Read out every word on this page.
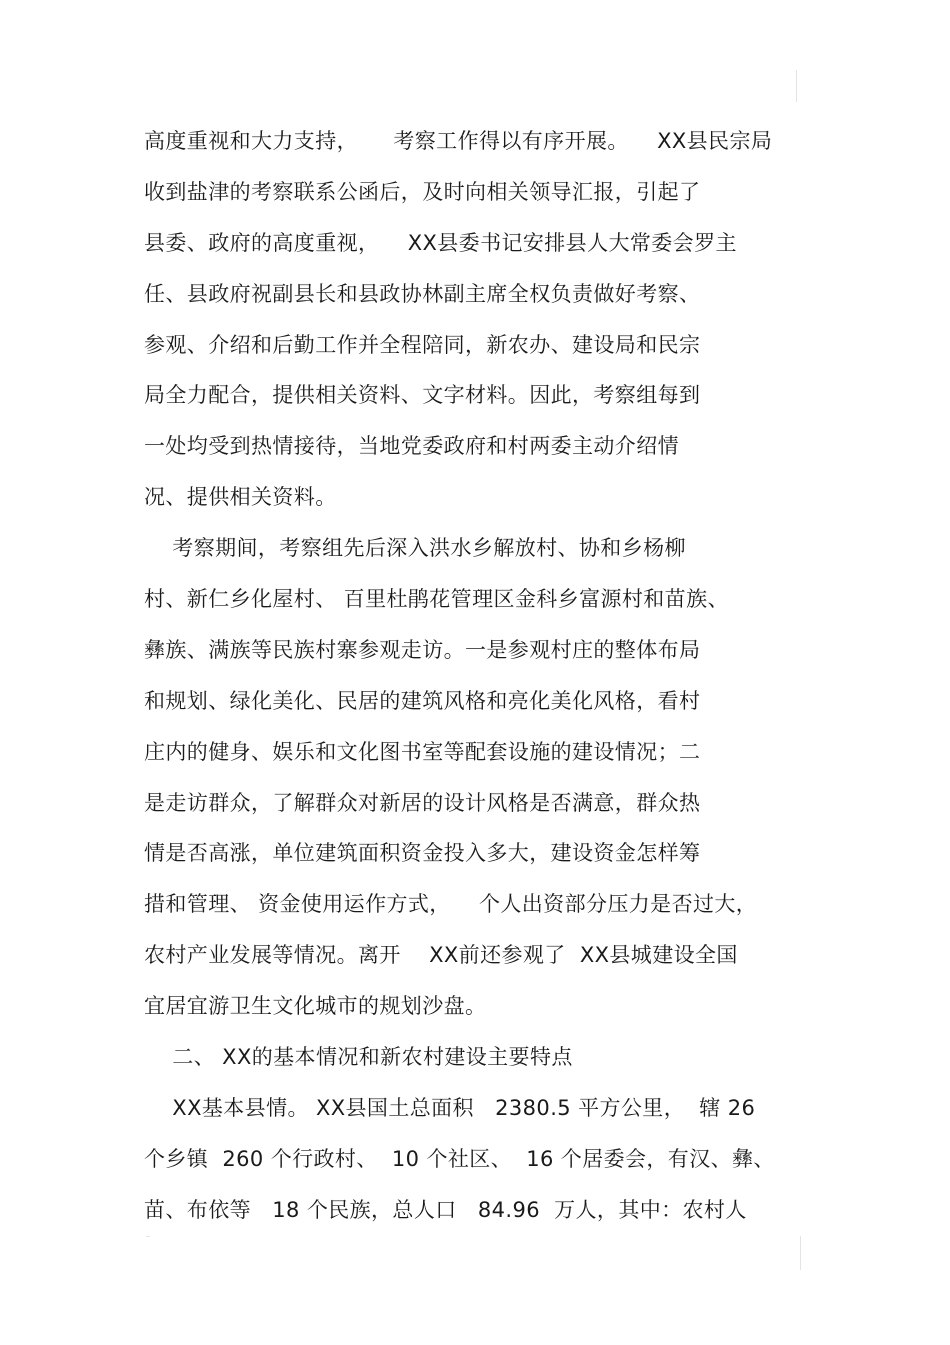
高度重视和大力支持，     考察工作得以有序开展。    XX县民宗局
收到盐津的考察联系公函后，及时向相关领导汇报，引起了
县委、政府的高度重视，    XX县委书记安排县人大常委会罗主
任、县政府祝副县长和县政协林副主席全权负责做好考察、
参观、介绍和后勤工作并全程陪同，新农办、建设局和民宗
局全力配合，提供相关资料、文字材料。因此，考察组每到
一处均受到热情接待，当地党委政府和村两委主动介绍情
况、提供相关资料。
考察期间，考察组先后深入洪水乡解放村、协和乡杨柳
村、新仁乡化屋村、 百里杜鹃花管理区金科乡富源村和苗族、
彝族、满族等民族村寨参观走访。一是参观村庄的整体布局
和规划、绿化美化、民居的建筑风格和亮化美化风格，看村
庄内的健身、娱乐和文化图书室等配套设施的建设情况；二
是走访群众，了解群众对新居的设计风格是否满意，群众热
情是否高涨，单位建筑面积资金投入多大，建设资金怎样筹
措和管理、 资金使用运作方式，    个人出资部分压力是否过大，
农村产业发展等情况。离开    XX前还参观了  XX县城建设全国
宜居宜游卫生文化城市的规划沙盘。
二、 XX的基本情况和新农村建设主要特点
XX基本县情。 XX县国土总面积   2380.5 平方公里，  辖 26
个乡镇  260 个行政村、  10 个社区、  16 个居委会，有汉、彝、
苗、布依等   18 个民族，总人口   84.96  万人，其中：农村人
